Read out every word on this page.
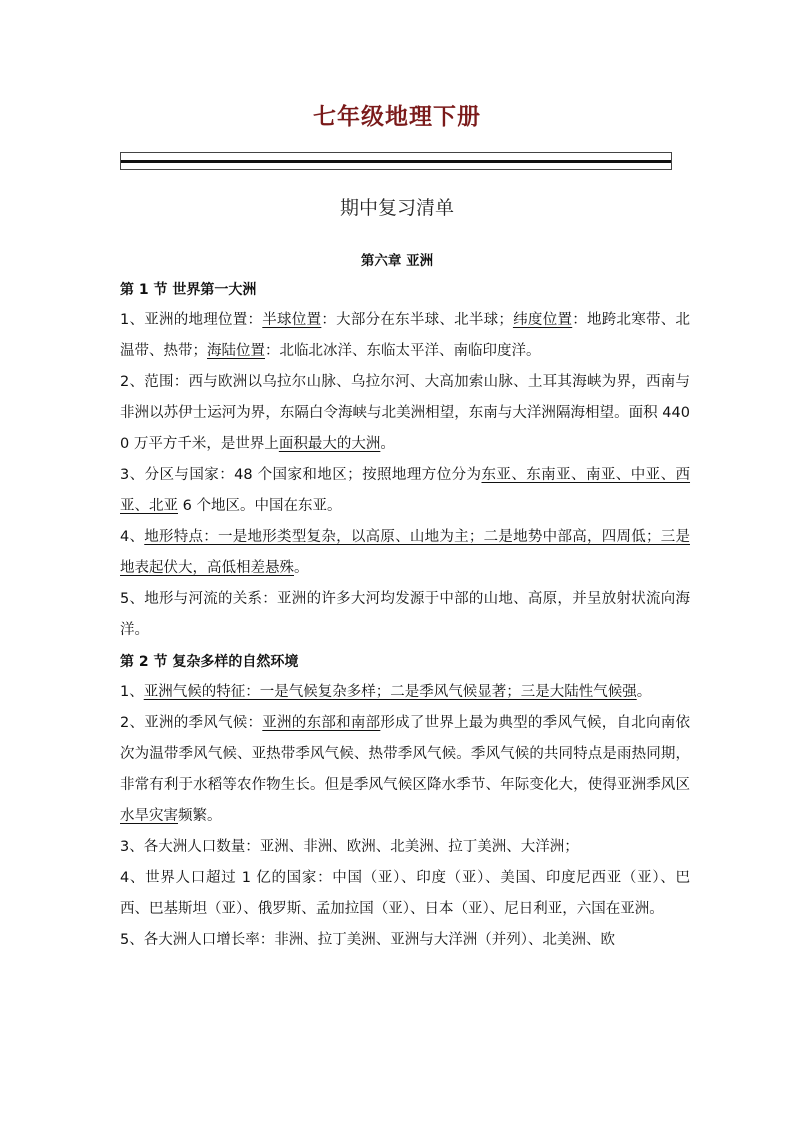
七年级地理下册
期中复习清单
第六章 亚洲
第 1 节 世界第一大洲
1、亚洲的地理位置：半球位置：大部分在东半球、北半球；纬度位置：地跨北寒带、北温带、热带；海陆位置：北临北冰洋、东临太平洋、南临印度洋。
2、范围：西与欧洲以乌拉尔山脉、乌拉尔河、大高加索山脉、土耳其海峡为界，西南与非洲以苏伊士运河为界，东隔白令海峡与北美洲相望，东南与大洋洲隔海相望。面积 4400 万平方千米，是世界上面积最大的大洲。
3、分区与国家：48 个国家和地区；按照地理方位分为东亚、东南亚、南亚、中亚、西亚、北亚 6 个地区。中国在东亚。
4、地形特点：一是地形类型复杂，以高原、山地为主；二是地势中部高，四周低；三是地表起伏大，高低相差悬殊。
5、地形与河流的关系：亚洲的许多大河均发源于中部的山地、高原，并呈放射状流向海洋。
第 2 节 复杂多样的自然环境
1、亚洲气候的特征：一是气候复杂多样；二是季风气候显著；三是大陆性气候强。
2、亚洲的季风气候：亚洲的东部和南部形成了世界上最为典型的季风气候，自北向南依次为温带季风气候、亚热带季风气候、热带季风气候。季风气候的共同特点是雨热同期，非常有利于水稻等农作物生长。但是季风气候区降水季节、年际变化大，使得亚洲季风区水旱灾害频繁。
3、各大洲人口数量：亚洲、非洲、欧洲、北美洲、拉丁美洲、大洋洲；
4、世界人口超过 1 亿的国家：中国（亚）、印度（亚）、美国、印度尼西亚（亚）、巴西、巴基斯坦（亚）、俄罗斯、孟加拉国（亚）、日本（亚）、尼日利亚，六国在亚洲。
5、各大洲人口增长率：非洲、拉丁美洲、亚洲与大洋洲（并列）、北美洲、欧
